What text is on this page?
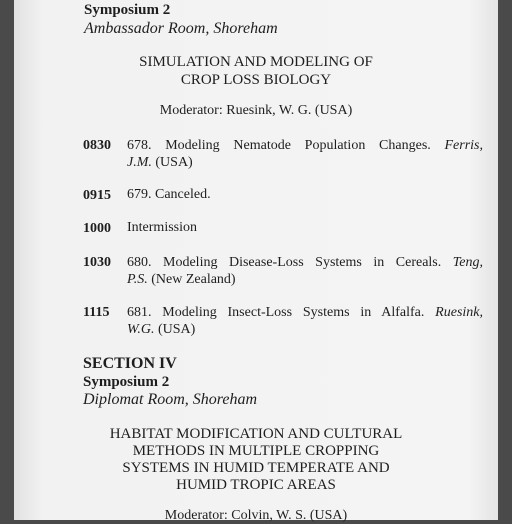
Symposium 2
Ambassador Room, Shoreham
SIMULATION AND MODELING OF
CROP LOSS BIOLOGY
Moderator: Ruesink, W. G. (USA)
0830 678. Modeling Nematode Population Changes. Ferris,
J.M. (USA)
0915 679. Canceled.
1000 Intermission
1030 680. Modeling Disease-Loss Systems in Cereals. Teng,
P.S. (New Zealand)
1115 681. Modeling Insect-Loss Systems in Alfalfa. Ruesink,
W.G. (USA)
SECTION IV
Symposium 2
Diplomat Room, Shoreham
HABITAT MODIFICATION AND CULTURAL
METHODS IN MULTIPLE CROPPING
SYSTEMS IN HUMID TEMPERATE AND
HUMID TROPIC AREAS
Moderator: Colvin, W. S. (USA)
